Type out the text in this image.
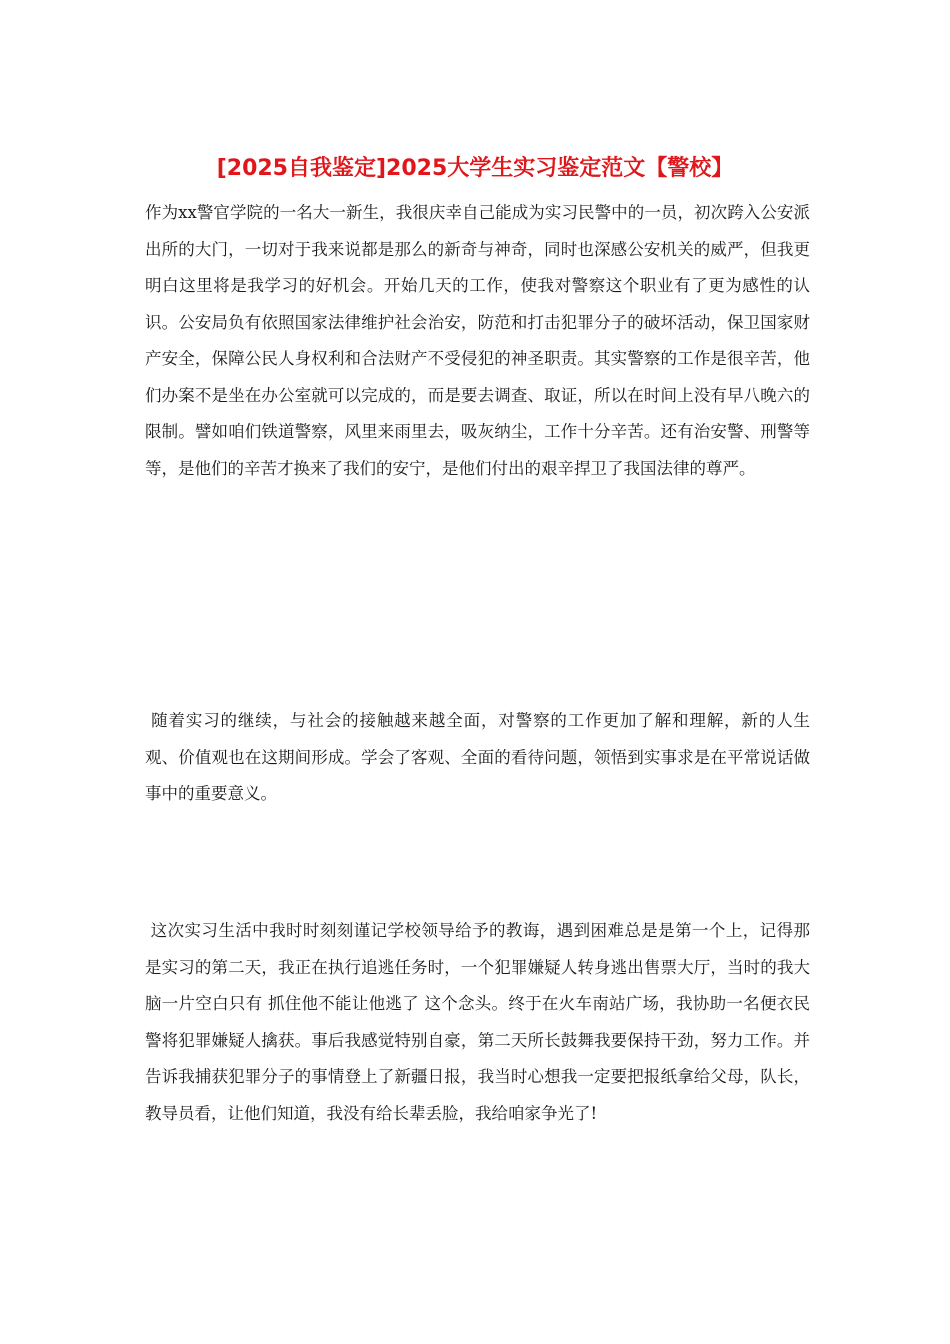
[2025自我鉴定]2025大学生实习鉴定范文【警校】

作为xx警官学院的一名大一新生，我很庆幸自己能成为实习民警中的一员，初次跨入公安派出所的大门，一切对于我来说都是那么的新奇与神奇，同时也深感公安机关的威严，但我更明白这里将是我学习的好机会。开始几天的工作，使我对警察这个职业有了更为感性的认识。公安局负有依照国家法律维护社会治安，防范和打击犯罪分子的破坏活动，保卫国家财产安全，保障公民人身权利和合法财产不受侵犯的神圣职责。其实警察的工作是很辛苦，他们办案不是坐在办公室就可以完成的，而是要去调查、取证，所以在时间上没有早八晚六的限制。譬如咱们铁道警察，风里来雨里去，吸灰纳尘，工作十分辛苦。还有治安警、刑警等等，是他们的辛苦才换来了我们的安宁，是他们付出的艰辛捍卫了我国法律的尊严。

随着实习的继续，与社会的接触越来越全面，对警察的工作更加了解和理解，新的人生观、价值观也在这期间形成。学会了客观、全面的看待问题，领悟到实事求是在平常说话做事中的重要意义。

这次实习生活中我时时刻刻谨记学校领导给予的教诲，遇到困难总是是第一个上，记得那是实习的第二天，我正在执行追逃任务时，一个犯罪嫌疑人转身逃出售票大厅，当时的我大脑一片空白只有 抓住他不能让他逃了 这个念头。终于在火车南站广场，我协助一名便衣民警将犯罪嫌疑人擒获。事后我感觉特别自豪，第二天所长鼓舞我要保持干劲，努力工作。并告诉我捕获犯罪分子的事情登上了新疆日报，我当时心想我一定要把报纸拿给父母，队长，教导员看，让他们知道，我没有给长辈丢脸，我给咱家争光了!
